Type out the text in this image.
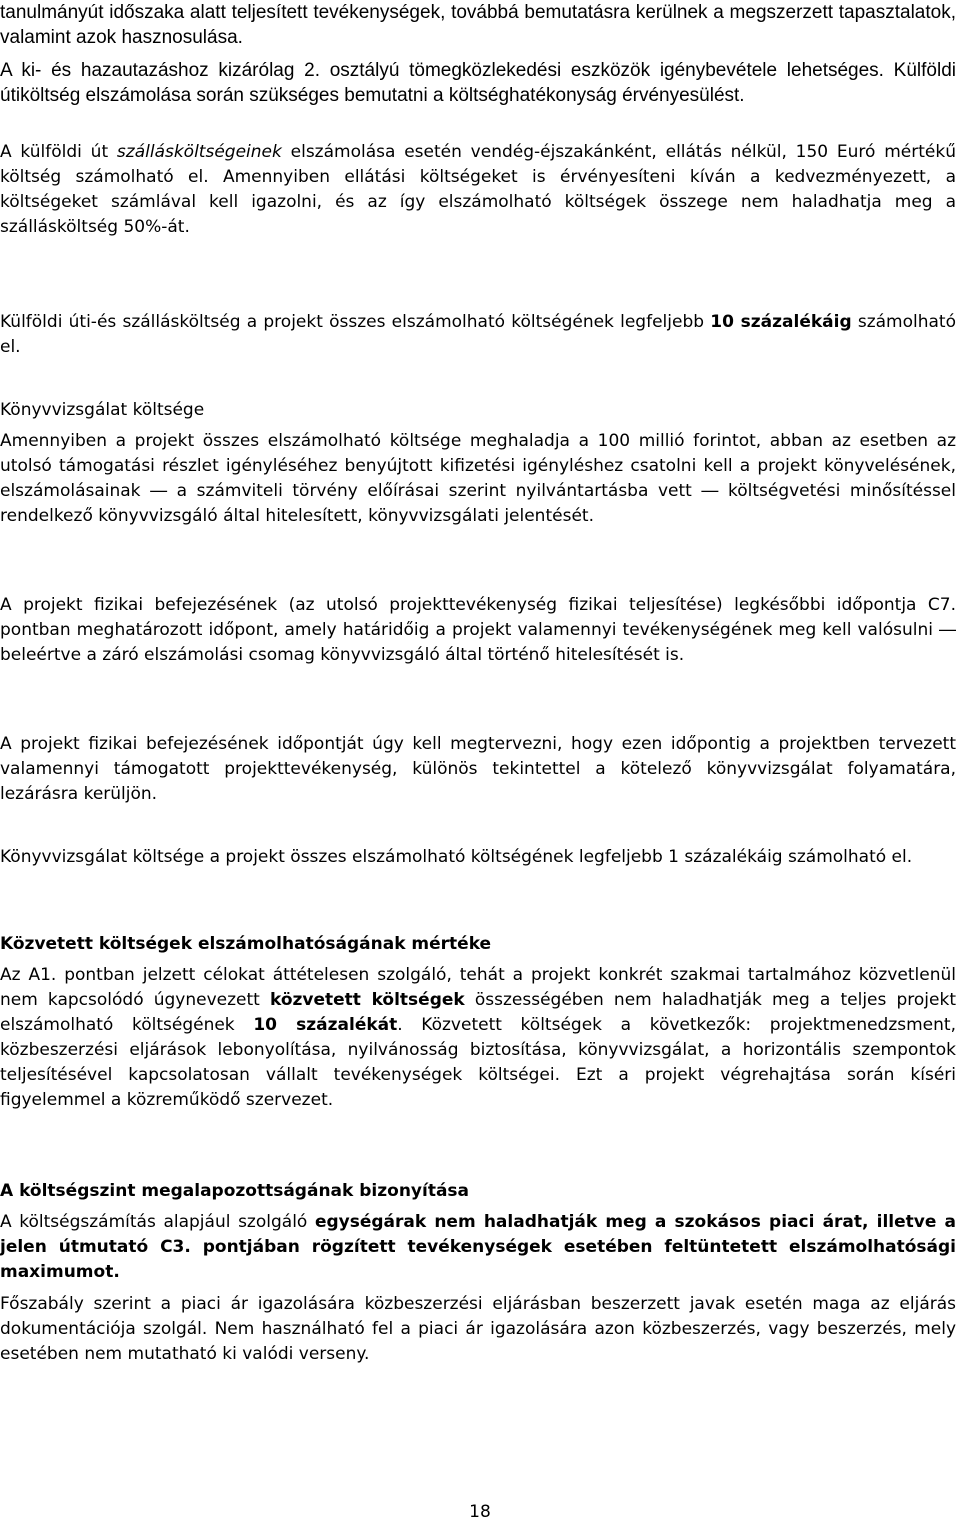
tanulmányút időszaka alatt teljesített tevékenységek, továbbá bemutatásra kerülnek a megszerzett tapasztalatok, valamint azok hasznosulása.

A ki- és hazautazáshoz kizárólag 2. osztályú tömegközlekedési eszközök igénybevétele lehetséges. Külföldi útiköltség elszámolása során szükséges bemutatni a költséghatékonyság érvényesülést.

A külföldi út szállásköltségeinek elszámolása esetén vendég-éjszakánként, ellátás nélkül, 150 Euró mértékű költség számolható el. Amennyiben ellátási költségeket is érvényesíteni kíván a kedvezményezett, a költségeket számlával kell igazolni, és az így elszámolható költségek összege nem haladhatja meg a szállásköltség 50%-át.

Külföldi úti-és szállásköltség a projekt összes elszámolható költségének legfeljebb 10 százalékáig számolható el.

Könyvvizsgálat költsége

Amennyiben a projekt összes elszámolható költsége meghaladja a 100 millió forintot, abban az esetben az utolsó támogatási részlet igényléséhez benyújtott kifizetési igényléshez csatolni kell a projekt könyvelésének, elszámolásainak ― a számviteli törvény előírásai szerint nyilvántartásba vett ― költségvetési minősítéssel rendelkező könyvvizsgáló által hitelesített, könyvvizsgálati jelentését.

A projekt fizikai befejezésének (az utolsó projekttevékenység fizikai teljesítése) legkésőbbi időpontja C7. pontban meghatározott időpont, amely határidőig a projekt valamennyi tevékenységének meg kell valósulni ― beleértve a záró elszámolási csomag könyvvizsgáló által történő hitelesítését is.

A projekt fizikai befejezésének időpontját úgy kell megtervezni, hogy ezen időpontig a projektben tervezett valamennyi támogatott projekttevékenység, különös tekintettel a kötelező könyvvizsgálat folyamatára, lezárásra kerüljön.

Könyvvizsgálat költsége a projekt összes elszámolható költségének legfeljebb 1 százalékáig számolható el.

Közvetett költségek elszámolhatóságának mértéke

Az A1. pontban jelzett célokat áttételesen szolgáló, tehát a projekt konkrét szakmai tartalmához közvetlenül nem kapcsolódó úgynevezett közvetett költségek összességében nem haladhatják meg a teljes projekt elszámolható költségének 10 százalékát. Közvetett költségek a következők: projektmenedzsment, közbeszerzési eljárások lebonyolítása, nyilvánosság biztosítása, könyvvizsgálat, a horizontális szempontok teljesítésével kapcsolatosan vállalt tevékenységek költségei. Ezt a projekt végrehajtása során kíséri figyelemmel a közreműködő szervezet.

A költségszint megalapozottságának bizonyítása

A költségszámítás alapjául szolgáló egységárak nem haladhatják meg a szokásos piaci árat, illetve a jelen útmutató C3. pontjában rögzített tevékenységek esetében feltüntetett elszámolhatósági maximumot.

Főszabály szerint a piaci ár igazolására közbeszerzési eljárásban beszerzett javak esetén maga az eljárás dokumentációja szolgál. Nem használható fel a piaci ár igazolására azon közbeszerzés, vagy beszerzés, mely esetében nem mutatható ki valódi verseny.

18
